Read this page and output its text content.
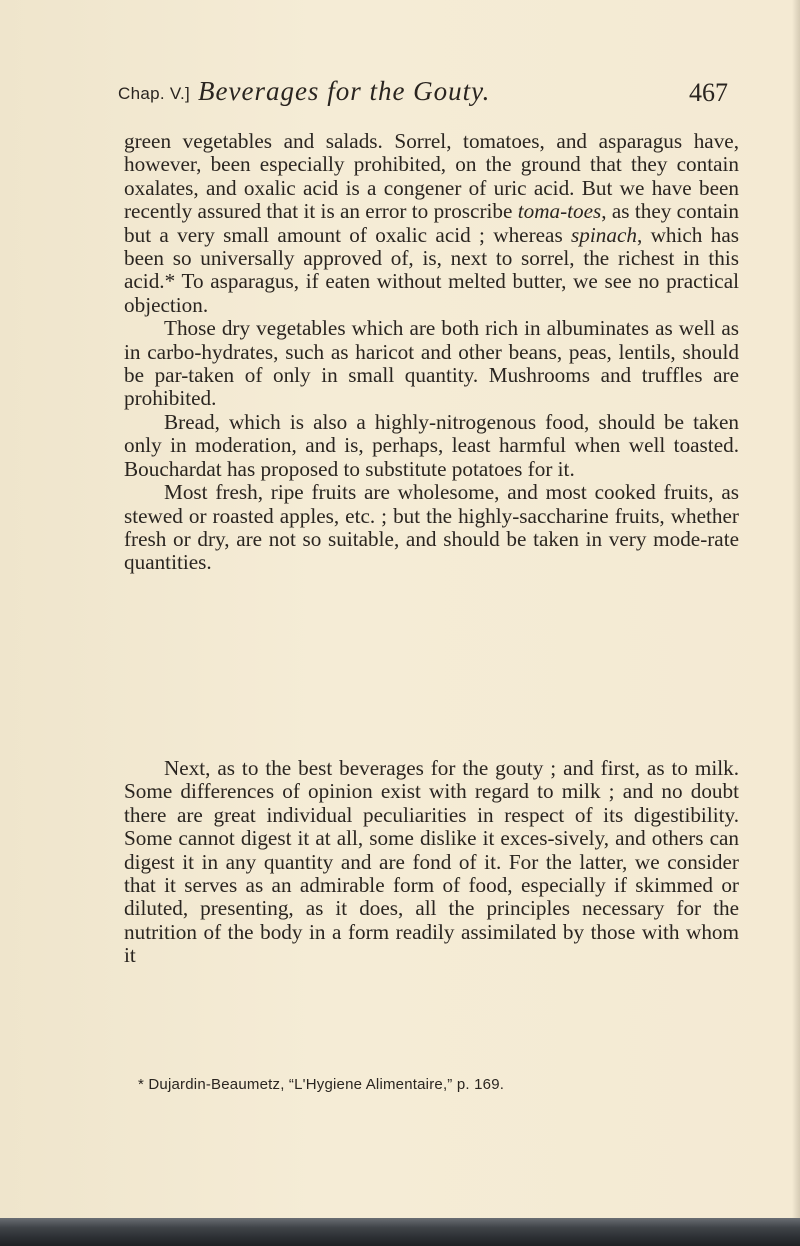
Chap. V.] Beverages for the Gouty.	467

green vegetables and salads. Sorrel, tomatoes, and asparagus have, however, been especially prohibited, on the ground that they contain oxalates, and oxalic acid is a congener of uric acid. But we have been recently assured that it is an error to proscribe toma-toes, as they contain but a very small amount of oxalic acid ; whereas spinach, which has been so universally approved of, is, next to sorrel, the richest in this acid.* To asparagus, if eaten without melted butter, we see no practical objection.

Those dry vegetables which are both rich in albuminates as well as in carbo-hydrates, such as haricot and other beans, peas, lentils, should be par-taken of only in small quantity. Mushrooms and truffles are prohibited.

Bread, which is also a highly-nitrogenous food, should be taken only in moderation, and is, perhaps, least harmful when well toasted. Bouchardat has proposed to substitute potatoes for it.

Most fresh, ripe fruits are wholesome, and most cooked fruits, as stewed or roasted apples, etc. ; but the highly-saccharine fruits, whether fresh or dry, are not so suitable, and should be taken in very mode-rate quantities.

Next, as to the best beverages for the gouty ; and first, as to milk. Some differences of opinion exist with regard to milk ; and no doubt there are great individual peculiarities in respect of its digestibility. Some cannot digest it at all, some dislike it exces-sively, and others can digest it in any quantity and are fond of it. For the latter, we consider that it serves as an admirable form of food, especially if skimmed or diluted, presenting, as it does, all the principles necessary for the nutrition of the body in a form readily assimilated by those with whom it

* Dujardin-Beaumetz, “L'Hygiene Alimentaire,” p. 169.
